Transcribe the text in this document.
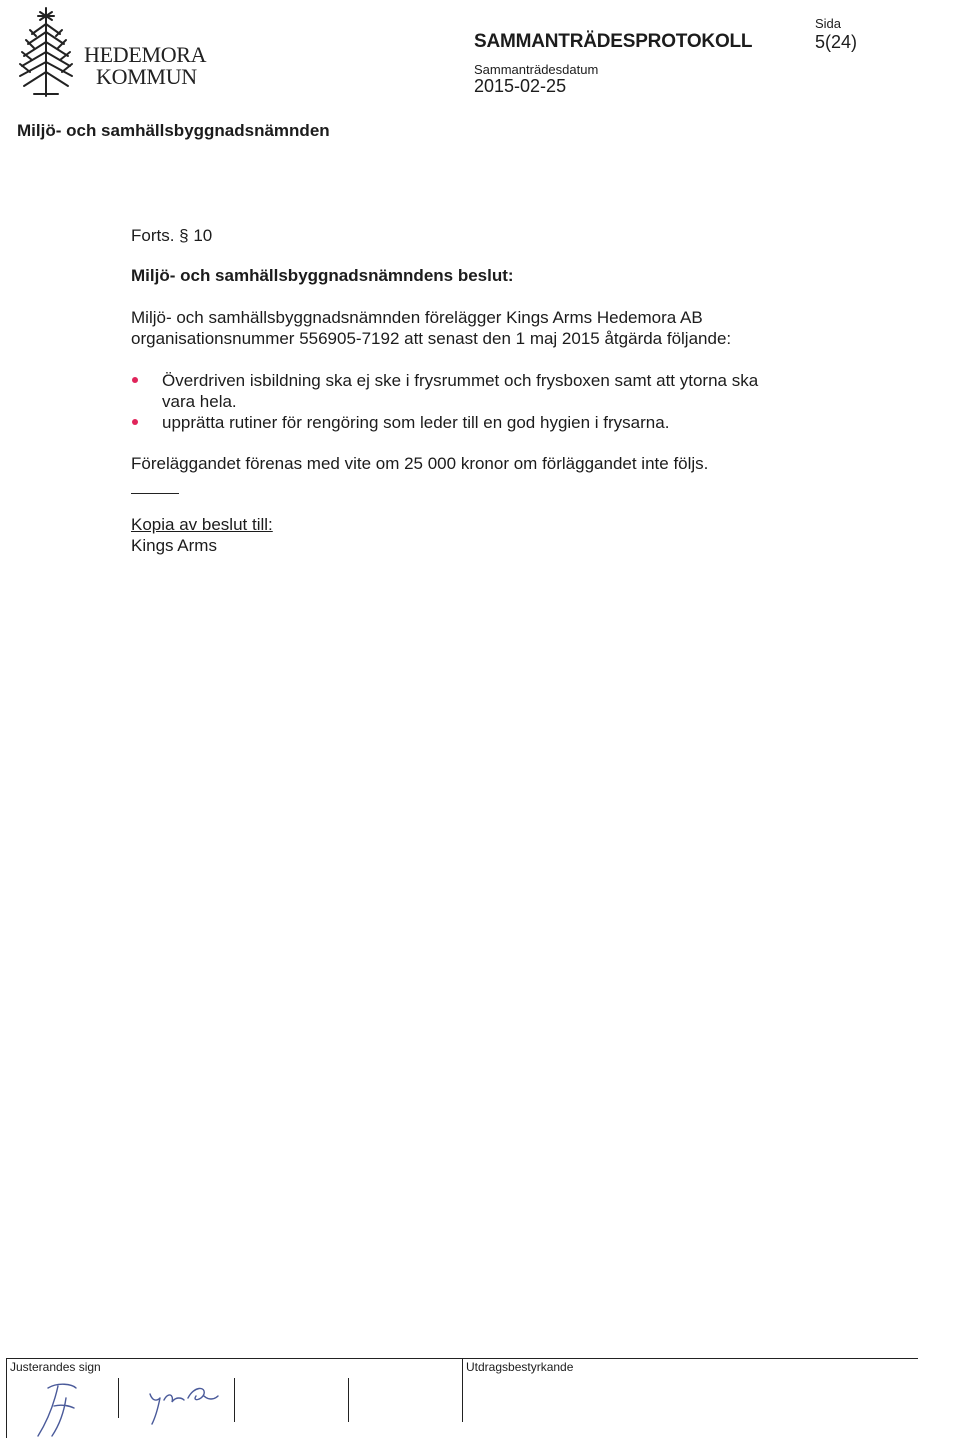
HEDEMORA
KOMMUN
SAMMANTRÄDESPROTOKOLL
Sammanträdesdatum
2015-02-25
Sida
5(24)
Miljö- och samhällsbyggnadsnämnden
Forts. § 10
Miljö- och samhällsbyggnadsnämndens beslut:
Miljö- och samhällsbyggnadsnämnden förelägger Kings Arms Hedemora AB organisationsnummer 556905-7192 att senast den 1 maj 2015 åtgärda följande:
Överdriven isbildning ska ej ske i frysrummet och frysboxen samt att ytorna ska vara hela.
upprätta rutiner för rengöring som leder till en god hygien i frysarna.
Föreläggandet förenas med vite om 25 000 kronor om förläggandet inte följs.
Kopia av beslut till:
Kings Arms
Justerandes sign	Utdragsbestyrkande
